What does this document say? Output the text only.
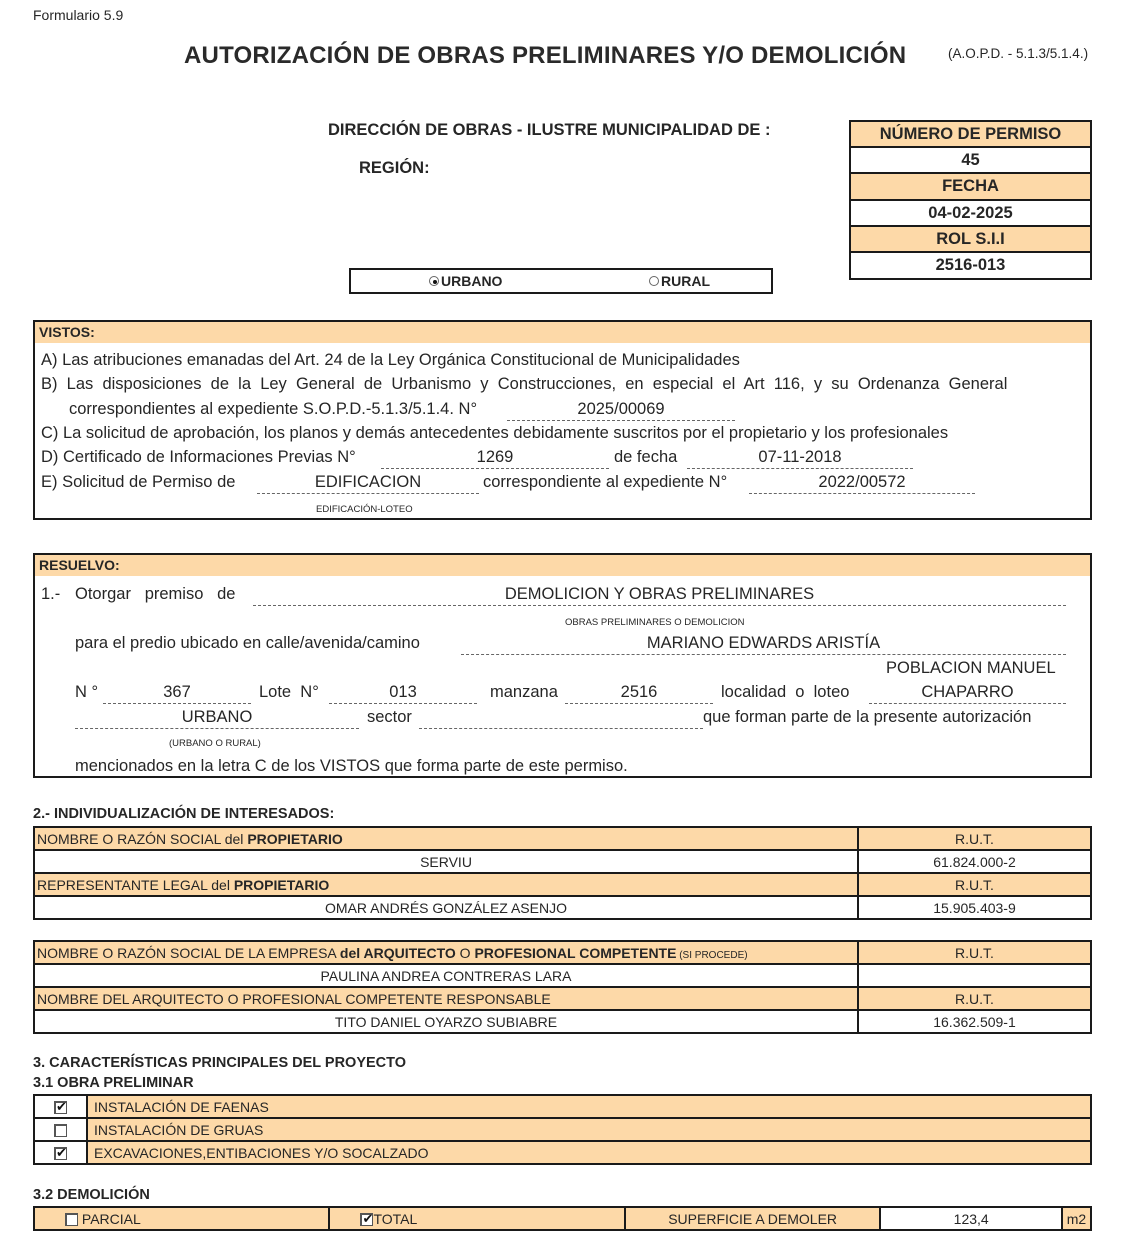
Formulario 5.9
AUTORIZACIÓN DE OBRAS PRELIMINARES Y/O DEMOLICIÓN	(A.O.P.D. - 5.1.3/5.1.4.)
DIRECCIÓN DE OBRAS - ILUSTRE MUNICIPALIDAD DE :
REGIÓN:
URBANO	RURAL
NÚMERO DE PERMISO
45
FECHA
04-02-2025
ROL S.I.I
2516-013
VISTOS:
A) Las atribuciones emanadas del Art. 24 de la Ley Orgánica Constitucional de Municipalidades
B)  Las  disposiciones  de  la  Ley  General  de  Urbanismo  y  Construcciones,  en  especial  el  Art  116,  y  su  Ordenanza  General
correspondientes al expediente S.O.P.D.-5.1.3/5.1.4. N°	2025/00069
C) La solicitud de aprobación, los planos y demás antecedentes debidamente suscritos por el propietario y los profesionales
D) Certificado de Informaciones Previas N°	1269	de fecha	07-11-2018
E) Solicitud de Permiso de	EDIFICACION	correspondiente al expediente N°	2022/00572
EDIFICACIÓN-LOTEO
RESUELVO:
1.- Otorgar   premiso   de	DEMOLICION Y OBRAS PRELIMINARES
OBRAS PRELIMINARES O DEMOLICION
para el predio ubicado en calle/avenida/camino	MARIANO EDWARDS ARISTÍA
POBLACION MANUEL
N °	367	Lote  N°	013	manzana	2516	localidad  o  loteo	CHAPARRO
URBANO	sector	que forman parte de la presente autorización
(URBANO O RURAL)
mencionados en la letra C de los VISTOS que forma parte de este permiso.
2.- INDIVIDUALIZACIÓN DE INTERESADOS:
NOMBRE O RAZÓN SOCIAL del PROPIETARIO	R.U.T.
SERVIU	61.824.000-2
REPRESENTANTE LEGAL del PROPIETARIO	R.U.T.
OMAR ANDRÉS GONZÁLEZ ASENJO	15.905.403-9
NOMBRE O RAZÓN SOCIAL DE LA EMPRESA del ARQUITECTO O PROFESIONAL COMPETENTE (SI PROCEDE)	R.U.T.
PAULINA ANDREA CONTRERAS LARA	
NOMBRE DEL ARQUITECTO O PROFESIONAL COMPETENTE RESPONSABLE	R.U.T.
TITO DANIEL OYARZO SUBIABRE	16.362.509-1
3. CARACTERÍSTICAS PRINCIPALES DEL PROYECTO
3.1 OBRA PRELIMINAR
✔	INSTALACIÓN DE FAENAS
	INSTALACIÓN DE GRUAS
✔	EXCAVACIONES,ENTIBACIONES Y/O SOCALZADO
3.2 DEMOLICIÓN
PARCIAL	✔TOTAL	SUPERFICIE A DEMOLER	123,4	m2
